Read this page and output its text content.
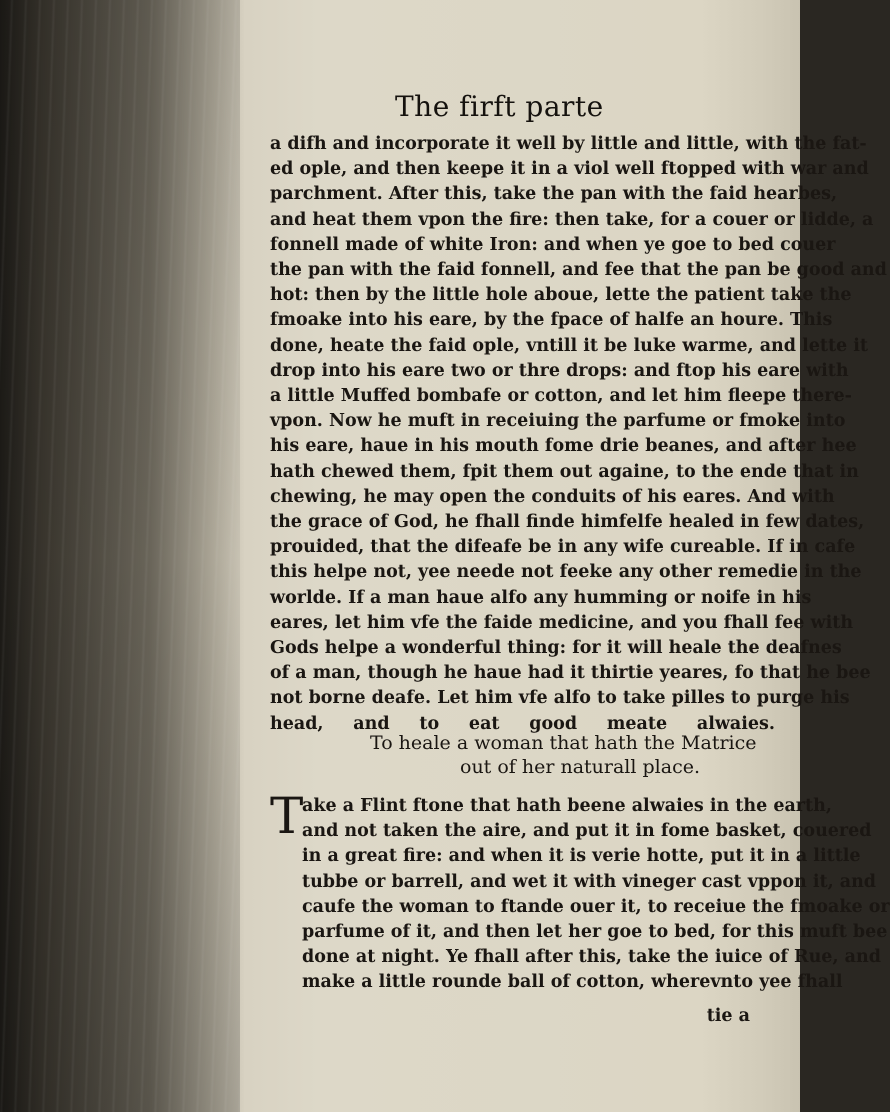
The firft parte
a difh and incorporate it well by little and little, with the fat-
ed ople, and then keepe it in a viol well ftopped with war and
parchment. After this, take the pan with the faid hearbes,
and heat them vpon the fire: then take, for a couer or lidde, a
fonnell made of white Iron: and when ye goe to bed couer
the pan with the faid fonnell, and fee that the pan be good and
hot: then by the little hole aboue, lette the patient take the
fmoake into his eare, by the fpace of halfe an houre. This
done, heate the faid ople, vntill it be luke warme, and lette it
drop into his eare two or thre drops: and ftop his eare with
a little Muffed bombafe or cotton, and let him fleepe there-
vpon. Now he muft in receiuing the parfume or fmoke into
his eare, haue in his mouth fome drie beanes, and after hee
hath chewed them, fpit them out againe, to the ende that in
chewing, he may open the conduits of his eares. And with
the grace of God, he fhall finde himfelfe healed in few dates,
prouided, that the difeafe be in any wife cureable. If in cafe
this helpe not, yee neede not feeke any other remedie in the
worlde. If a man haue alfo any humming or noife in his
eares, let him vfe the faide medicine, and you fhall fee with
Gods helpe a wonderful thing: for it will heale the deafnes
of a man, though he haue had it thirtie yeares, fo that he bee
not borne deafe. Let him vfe alfo to take pilles to purge his
head, and to eat good meate alwaies.
To heale a woman that hath the Matrice
out of her naturall place.
T
ake a Flint ftone that hath beene alwaies in the earth,
and not taken the aire, and put it in fome basket, couered
in a great fire: and when it is verie hotte, put it in a little
tubbe or barrell, and wet it with vineger cast vppon it, and
caufe the woman to ftande ouer it, to receiue the fmoake or
parfume of it, and then let her goe to bed, for this muft bee
done at night. Ye fhall after this, take the iuice of Rue, and
make a little rounde ball of cotton, wherevnto yee fhall
tie a
